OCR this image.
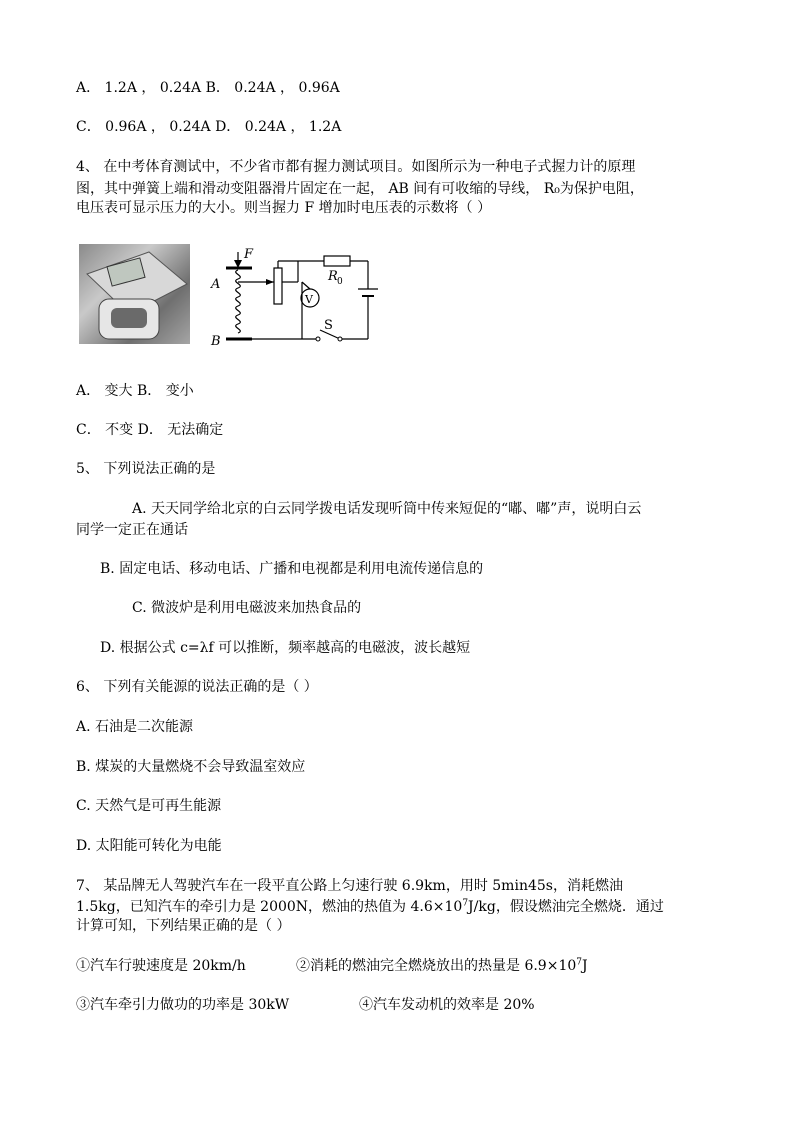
A． 1.2A ， 0.24A B． 0.24A ， 0.96A
C． 0.96A ， 0.24A D． 0.24A ， 1.2A
4、 在中考体育测试中，不少省市都有握力测试项目。如图所示为一种电子式握力计的原理
图，其中弹簧上端和滑动变阻器滑片固定在一起， AB 间有可收缩的导线， R₀为保护电阻，
电压表可显示压力的大小。则当握力 F 增加时电压表的示数将（ ）
F
A
B
R 0
V
S
A． 变大 B． 变小
C． 不变 D． 无法确定
5、 下列说法正确的是
A. 天天同学给北京的白云同学拨电话发现听筒中传来短促的“嘟、嘟”声，说明白云
同学一定正在通话
B. 固定电话、移动电话、广播和电视都是利用电流传递信息的
C. 微波炉是利用电磁波来加热食品的
D. 根据公式 c=λf 可以推断，频率越高的电磁波，波长越短
6、 下列有关能源的说法正确的是（ ）
A. 石油是二次能源
B. 煤炭的大量燃烧不会导致温室效应
C. 天然气是可再生能源
D. 太阳能可转化为电能
7、 某品牌无人驾驶汽车在一段平直公路上匀速行驶 6.9km，用时 5min45s，消耗燃油
1.5kg，已知汽车的牵引力是 2000N，燃油的热值为 $4.6\times 10^7J/kg$，假设燃油完全燃烧．通过
计算可知，下列结果正确的是（ ）
①汽车行驶速度是 20km/h	②消耗的燃油完全燃烧放出的热量是 $6.9\times 10^7J$
③汽车牵引力做功的功率是 30kW	④汽车发动机的效率是 20%
